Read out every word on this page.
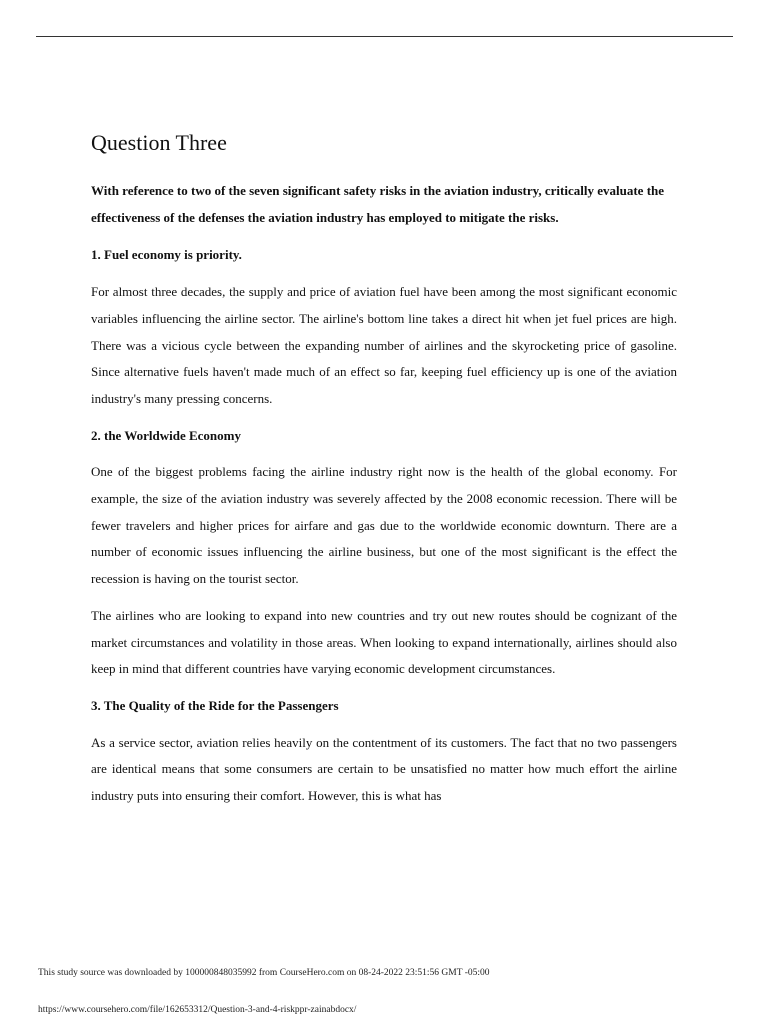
Question Three

With reference to two of the seven significant safety risks in the aviation industry, critically evaluate the effectiveness of the defenses the aviation industry has employed to mitigate the risks.

1. Fuel economy is priority.

For almost three decades, the supply and price of aviation fuel have been among the most significant economic variables influencing the airline sector. The airline's bottom line takes a direct hit when jet fuel prices are high. There was a vicious cycle between the expanding number of airlines and the skyrocketing price of gasoline. Since alternative fuels haven't made much of an effect so far, keeping fuel efficiency up is one of the aviation industry's many pressing concerns.

2. the Worldwide Economy

One of the biggest problems facing the airline industry right now is the health of the global economy. For example, the size of the aviation industry was severely affected by the 2008 economic recession. There will be fewer travelers and higher prices for airfare and gas due to the worldwide economic downturn. There are a number of economic issues influencing the airline business, but one of the most significant is the effect the recession is having on the tourist sector.

The airlines who are looking to expand into new countries and try out new routes should be cognizant of the market circumstances and volatility in those areas. When looking to expand internationally, airlines should also keep in mind that different countries have varying economic development circumstances.

3. The Quality of the Ride for the Passengers

As a service sector, aviation relies heavily on the contentment of its customers. The fact that no two passengers are identical means that some consumers are certain to be unsatisfied no matter how much effort the airline industry puts into ensuring their comfort. However, this is what has

This study source was downloaded by 100000848035992 from CourseHero.com on 08-24-2022 23:51:56 GMT -05:00
https://www.coursehero.com/file/162653312/Question-3-and-4-riskppr-zainabdocx/
